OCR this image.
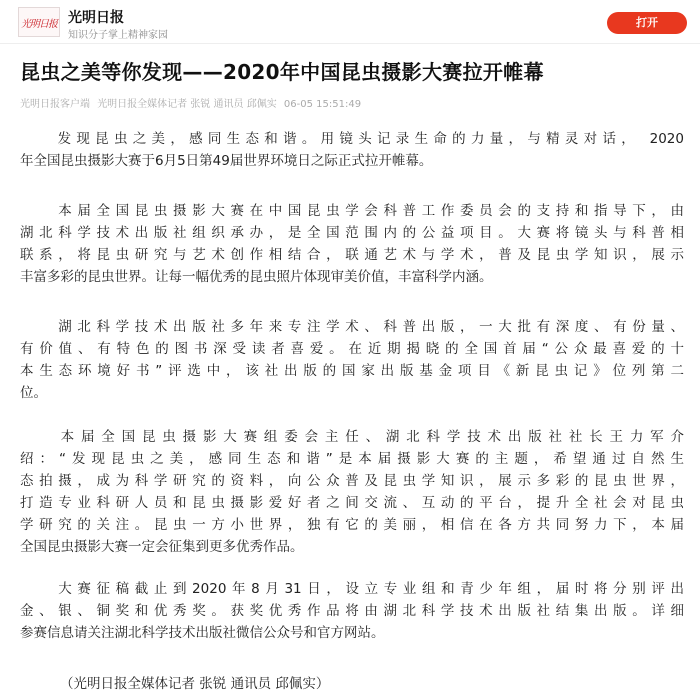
光明日报 光明日报
知识分子掌上精神家园
打开
昆虫之美等你发现——2020年中国昆虫摄影大赛拉开帷幕
光明日报客户端 光明日报全媒体记者 张锐 通讯员 邱佩实 06-05 15:51:49
　　发现昆虫之美，感同生态和谐。用镜头记录生命的力量，与精灵对话， 2020
年全国昆虫摄影大赛于6月5日第49届世界环境日之际正式拉开帷幕。
　　本届全国昆虫摄影大赛在中国昆虫学会科普工作委员会的支持和指导下，由
湖北科学技术出版社组织承办，是全国范围内的公益项目。大赛将镜头与科普相
联系，将昆虫研究与艺术创作相结合，联通艺术与学术，普及昆虫学知识，展示
丰富多彩的昆虫世界。让每一幅优秀的昆虫照片体现审美价值，丰富科学内涵。
　　湖北科学技术出版社多年来专注学术、科普出版，一大批有深度、有份量、
有价值、有特色的图书深受读者喜爱。在近期揭晓的全国首届“公众最喜爱的十
本生态环境好书”评选中，该社出版的国家出版基金项目《新昆虫记》位列第二
位。
　　本届全国昆虫摄影大赛组委会主任、湖北科学技术出版社社长王力军介
绍：“发现昆虫之美，感同生态和谐”是本届摄影大赛的主题，希望通过自然生
态拍摄，成为科学研究的资料，向公众普及昆虫学知识，展示多彩的昆虫世界，
打造专业科研人员和昆虫摄影爱好者之间交流、互动的平台，提升全社会对昆虫
学研究的关注。昆虫一方小世界，独有它的美丽，相信在各方共同努力下，本届
全国昆虫摄影大赛一定会征集到更多优秀作品。
　　大赛征稿截止到2020年8月31日，设立专业组和青少年组，届时将分别评出
金、银、铜奖和优秀奖。获奖优秀作品将由湖北科学技术出版社结集出版。详细
参赛信息请关注湖北科学技术出版社微信公众号和官方网站。
（光明日报全媒体记者 张锐 通讯员 邱佩实）
